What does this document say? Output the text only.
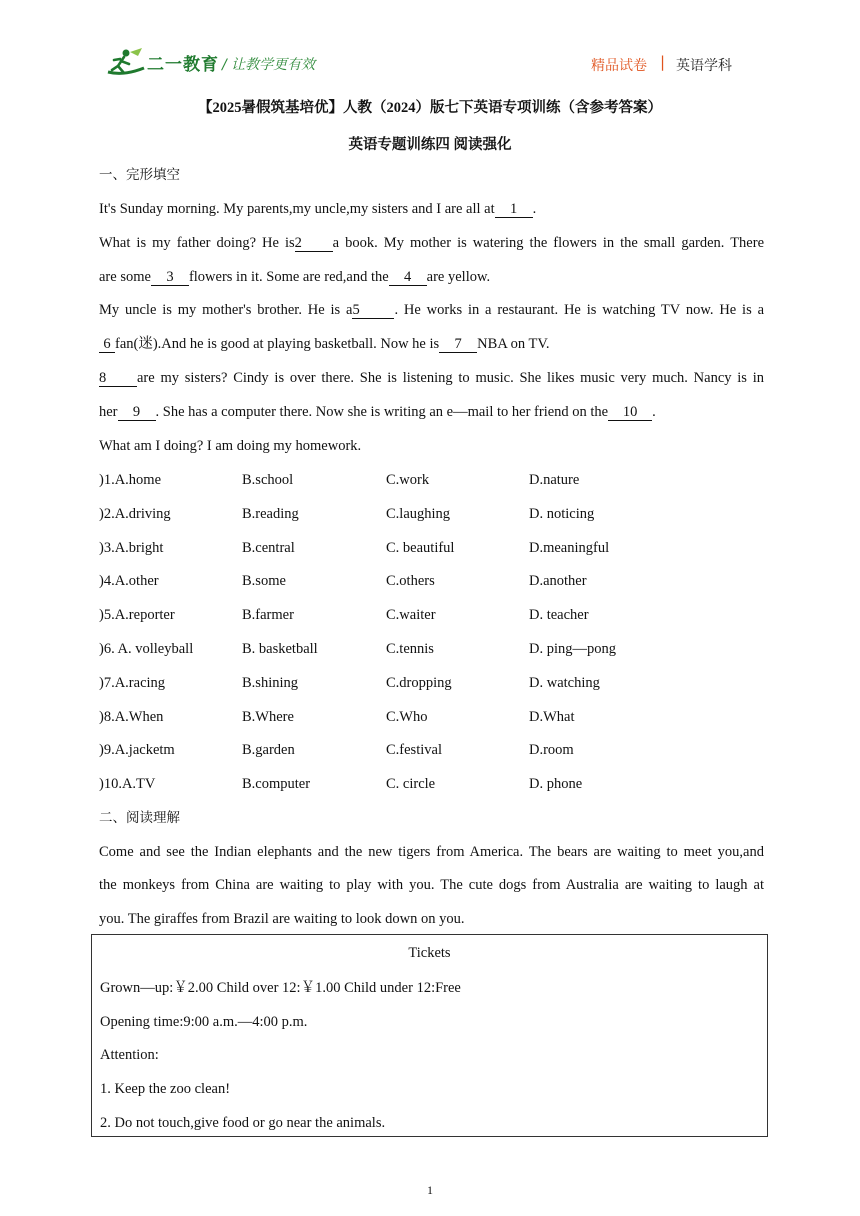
二一教育 / 让教学更有效	精品试卷 | 英语学科
【2025暑假筑基培优】人教（2024）版七下英语专项训练（含参考答案）
英语专题训练四 阅读强化
一、完形填空
It's Sunday morning. My parents,my uncle,my sisters and I are all at 1 .
What is my father doing? He is2 a book. My mother is watering the flowers in the small garden. There
are some 3 flowers in it. Some are red,and the 4 are yellow.
My uncle is my mother's brother. He is a5 . He works in a restaurant. He is watching TV now. He is a
6 fan(迷).And he is good at playing basketball. Now he is 7 NBA on TV.
8 are my sisters? Cindy is over there. She is listening to music. She likes music very much. Nancy is in
her 9 . She has a computer there. Now she is writing an e—mail to her friend on the 10 .
What am I doing? I am doing my homework.
)1.A.home	B.school	C.work	D.nature
)2.A.driving	B.reading	C.laughing	D. noticing
)3.A.bright	B.central	C. beautiful	D.meaningful
)4.A.other	B.some	C.others	D.another
)5.A.reporter	B.farmer	C.waiter	D. teacher
)6. A. volleyball	B. basketball	C.tennis	D. ping—pong
)7.A.racing	B.shining	C.dropping	D. watching
)8.A.When	B.Where	C.Who	D.What
)9.A.jacketm	B.garden	C.festival	D.room
)10.A.TV	B.computer	C. circle	D. phone
二、阅读理解
Come and see the Indian elephants and the new tigers from America. The bears are waiting to meet you,and
the monkeys from China are waiting to play with you. The cute dogs from Australia are waiting to laugh at
you. The giraffes from Brazil are waiting to look down on you.
Tickets
Grown—up:￥2.00 Child over 12:￥1.00 Child under 12:Free
Opening time:9:00 a.m.—4:00 p.m.
Attention:
1. Keep the zoo clean!
2. Do not touch,give food or go near the animals.
1
